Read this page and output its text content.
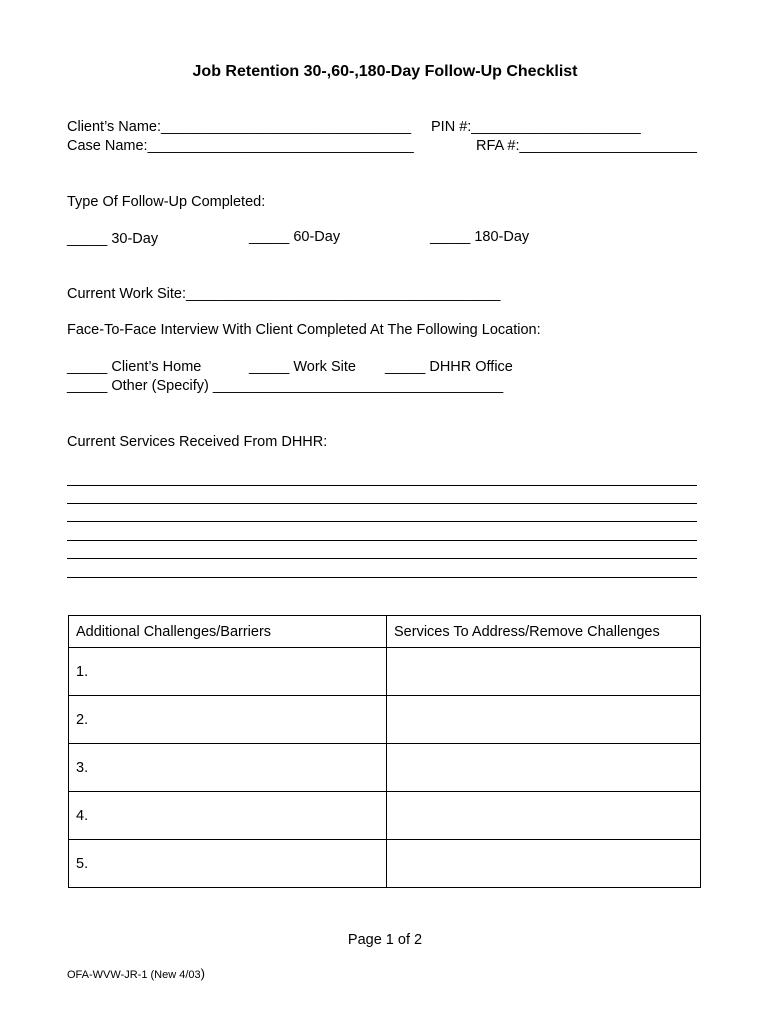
Job Retention 30-,60-,180-Day Follow-Up Checklist
Client’s Name:_______________________________
Case Name:_________________________________
PIN #:_____________________
RFA #:______________________
Type Of Follow-Up Completed:
_____ 30-Day	_____ 60-Day	_____ 180-Day
Current Work Site:_______________________________________
Face-To-Face Interview With Client Completed At The Following Location:
_____ Client’s Home	_____ Work Site _____ DHHR Office
_____ Other (Specify) ____________________________________
Current Services Received From DHHR:
Additional Challenges/Barriers	Services To Address/Remove Challenges
1.	
2.	
3.	
4.	
5.	
Page 1 of 2
OFA-WVW-JR-1 (New 4/03)
